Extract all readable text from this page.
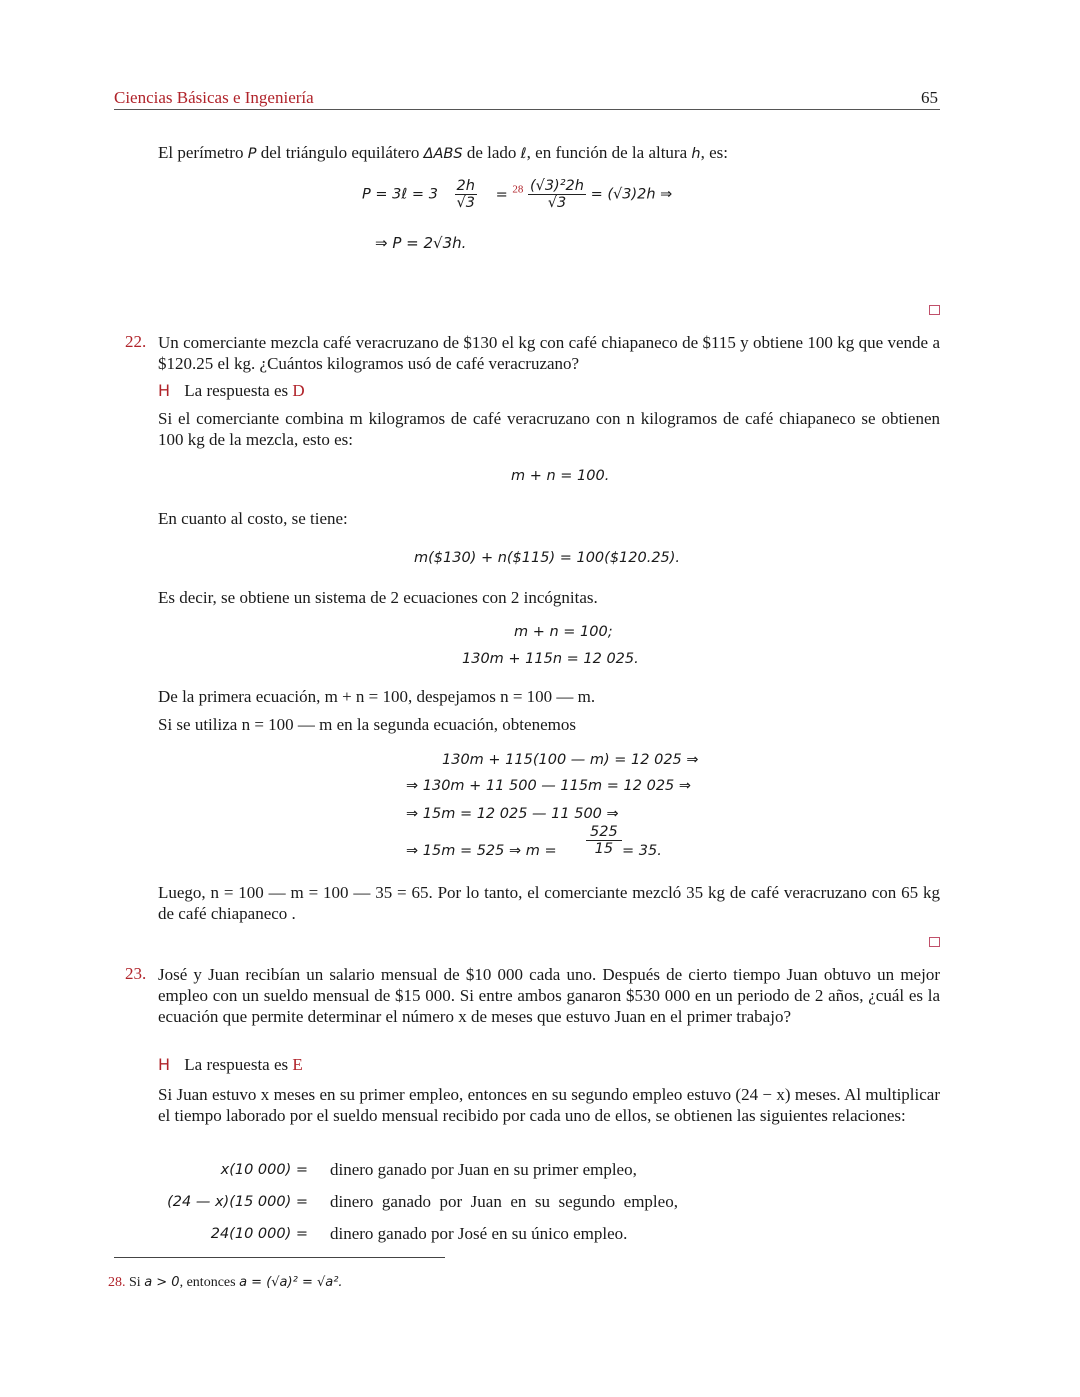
Ciencias Básicas e Ingeniería	65
El perímetro P del triángulo equilátero ΔABS de lado ℓ, en función de la altura h, es:
P = 3ℓ = $3 \frac{2h}{√3} = ^{28} \frac{\text{(√3)²2h}}{√3} = (√3)2h$ ⇒
⇒ P = 2√3h.
22. Un comerciante mezcla café veracruzano de $130 el kg con café chiapaneco de $115 y obtiene 100 kg que vende a $120.25 el kg. ¿Cuántos kilogramos usó de café veracruzano?
H La respuesta es D
Si el comerciante combina m kilogramos de café veracruzano con n kilogramos de café chiapaneco se obtienen 100 kg de la mezcla, esto es:
m + n = 100.
En cuanto al costo, se tiene:
m($130) + n($115) = 100($120.25).
Es decir, se obtiene un sistema de 2 ecuaciones con 2 incógnitas.
m + n = 100;
130m + 115n = 12 025.
De la primera ecuación, m + n = 100, despejamos n = 100 — m.
Si se utiliza n = 100 — m en la segunda ecuación, obtenemos
130m + 115(100 — m) = 12 025 ⇒
⇒ 130m + 11 500 — 115m = 12 025 ⇒
⇒ 15m = 12 025 — 11 500 ⇒
⇒ 15m = 525 ⇒ $m = \frac{525}{15} = 35$.
Luego, n = 100 — m = 100 — 35 = 65. Por lo tanto, el comerciante mezcló 35 kg de café veracruzano con 65 kg de café chiapaneco .
23. José y Juan recibían un salario mensual de $10 000 cada uno. Después de cierto tiempo Juan obtuvo un mejor empleo con un sueldo mensual de $15 000. Si entre ambos ganaron $530 000 en un periodo de 2 años, ¿cuál es la ecuación que permite determinar el número x de meses que estuvo Juan en el primer trabajo?
H La respuesta es E
Si Juan estuvo x meses en su primer empleo, entonces en su segundo empleo estuvo (24 − x) meses. Al multiplicar el tiempo laborado por el sueldo mensual recibido por cada uno de ellos, se obtienen las siguientes relaciones:
x(10 000) = dinero ganado por Juan en su primer empleo,
(24 — x)(15 000) = dinero  ganado  por  Juan  en  su  segundo  empleo,
24(10 000) = dinero ganado por José en su único empleo.
28. Si a > 0, entonces a = (√a)² = √a².
